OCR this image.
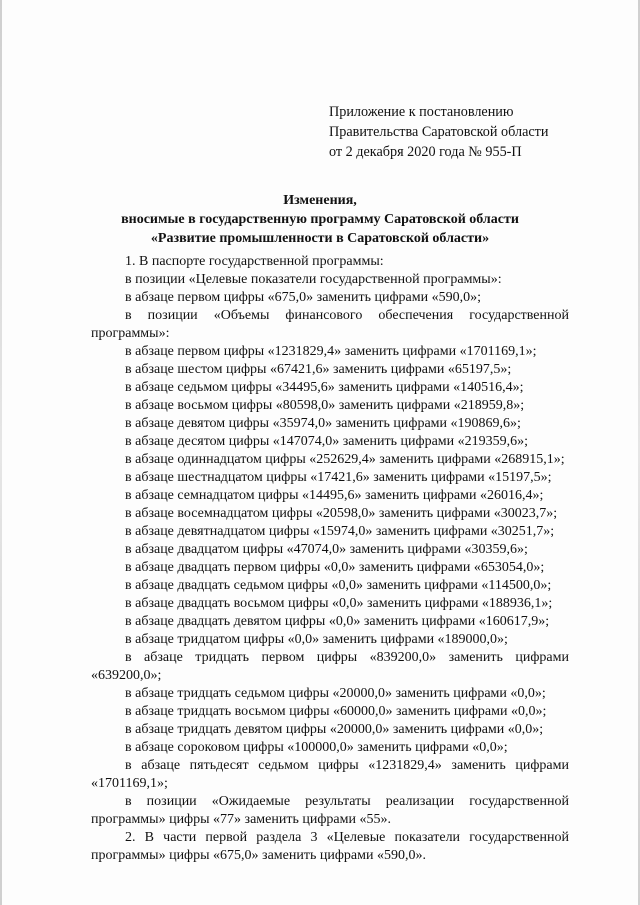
Приложение к постановлению
Правительства Саратовской области
от 2 декабря 2020 года № 955-П
Изменения,
вносимые в государственную программу Саратовской области
«Развитие промышленности в Саратовской области»
1. В паспорте государственной программы:
в позиции «Целевые показатели государственной программы»:
в абзаце первом цифры «675,0» заменить цифрами «590,0»;
в позиции «Объемы финансового обеспечения государственной программы»:
в абзаце первом цифры «1231829,4» заменить цифрами «1701169,1»;
в абзаце шестом цифры «67421,6» заменить цифрами «65197,5»;
в абзаце седьмом цифры «34495,6» заменить цифрами «140516,4»;
в абзаце восьмом цифры «80598,0» заменить цифрами «218959,8»;
в абзаце девятом цифры «35974,0» заменить цифрами «190869,6»;
в абзаце десятом цифры «147074,0» заменить цифрами «219359,6»;
в абзаце одиннадцатом цифры «252629,4» заменить цифрами «268915,1»;
в абзаце шестнадцатом цифры «17421,6» заменить цифрами «15197,5»;
в абзаце семнадцатом цифры «14495,6» заменить цифрами «26016,4»;
в абзаце восемнадцатом цифры «20598,0» заменить цифрами «30023,7»;
в абзаце девятнадцатом цифры «15974,0» заменить цифрами «30251,7»;
в абзаце двадцатом цифры «47074,0» заменить цифрами «30359,6»;
в абзаце двадцать первом цифры «0,0» заменить цифрами «653054,0»;
в абзаце двадцать седьмом цифры «0,0» заменить цифрами «114500,0»;
в абзаце двадцать восьмом цифры «0,0» заменить цифрами «188936,1»;
в абзаце двадцать девятом цифры «0,0» заменить цифрами «160617,9»;
в абзаце тридцатом цифры «0,0» заменить цифрами «189000,0»;
в абзаце тридцать первом цифры «839200,0» заменить цифрами «639200,0»;
в абзаце тридцать седьмом цифры «20000,0» заменить цифрами «0,0»;
в абзаце тридцать восьмом цифры «60000,0» заменить цифрами «0,0»;
в абзаце тридцать девятом цифры «20000,0» заменить цифрами «0,0»;
в абзаце сороковом цифры «100000,0» заменить цифрами «0,0»;
в абзаце пятьдесят седьмом цифры «1231829,4» заменить цифрами «1701169,1»;
в позиции «Ожидаемые результаты реализации государственной программы» цифры «77» заменить цифрами «55».
2. В части первой раздела 3 «Целевые показатели государственной программы» цифры «675,0» заменить цифрами «590,0».
